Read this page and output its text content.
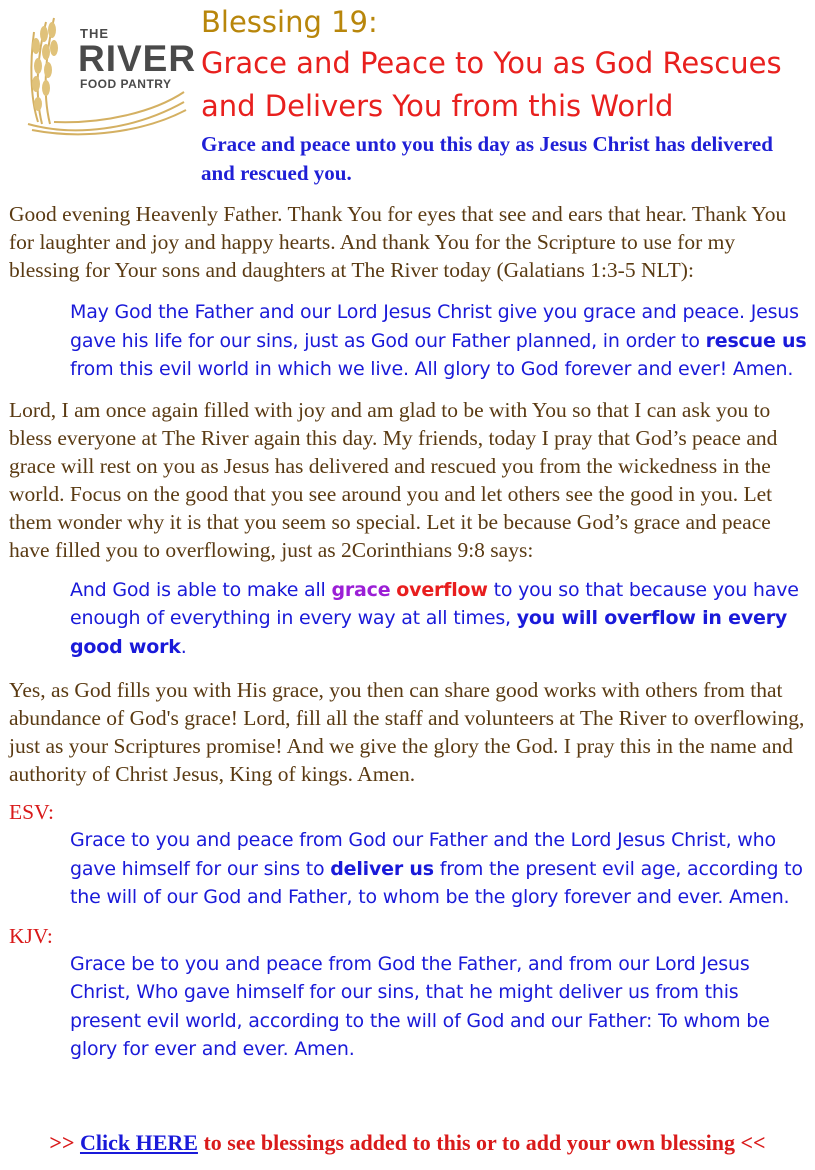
THE
RIVER
FOOD PANTRY
Blessing 19:
Grace and Peace to You as God Rescues and Delivers You from this World
Grace and peace unto you this day as Jesus Christ has delivered and rescued you.

Good evening Heavenly Father. Thank You for eyes that see and ears that hear. Thank You for laughter and joy and happy hearts. And thank You for the Scripture to use for my blessing for Your sons and daughters at The River today (Galatians 1:3-5 NLT):

May God the Father and our Lord Jesus Christ give you grace and peace. Jesus gave his life for our sins, just as God our Father planned, in order to rescue us from this evil world in which we live. All glory to God forever and ever! Amen.

Lord, I am once again filled with joy and am glad to be with You so that I can ask you to bless everyone at The River again this day. My friends, today I pray that God’s peace and grace will rest on you as Jesus has delivered and rescued you from the wickedness in the world. Focus on the good that you see around you and let others see the good in you. Let them wonder why it is that you seem so special. Let it be because God’s grace and peace have filled you to overflowing, just as 2Corinthians 9:8 says:

And God is able to make all grace overflow to you so that because you have enough of everything in every way at all times, you will overflow in every good work.

Yes, as God fills you with His grace, you then can share good works with others from that abundance of God's grace! Lord, fill all the staff and volunteers at The River to overflowing, just as your Scriptures promise! And we give the glory the God. I pray this in the name and authority of Christ Jesus, King of kings. Amen.

ESV:
Grace to you and peace from God our Father and the Lord Jesus Christ, who gave himself for our sins to deliver us from the present evil age, according to the will of our God and Father, to whom be the glory forever and ever. Amen.
KJV:
Grace be to you and peace from God the Father, and from our Lord Jesus Christ, Who gave himself for our sins, that he might deliver us from this present evil world, according to the will of God and our Father: To whom be glory for ever and ever. Amen.
>> Click HERE to see blessings added to this or to add your own blessing <<
